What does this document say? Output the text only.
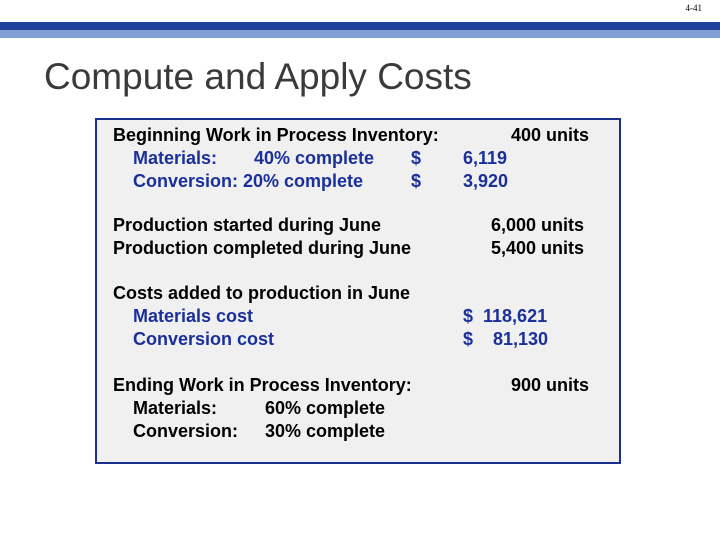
4-41
Compute and Apply Costs
Beginning Work in Process Inventory:	400 units
Materials: 40% complete $ 6,119
Conversion: 20% complete	$ 3,920
Production started during June	6,000 units
Production completed during June	5,400 units
Costs added to production in June
Materials cost	$  118,621
Conversion cost	$    81,130
Ending Work in Process Inventory:	900 units
Materials:	60% complete
Conversion: 30% complete
